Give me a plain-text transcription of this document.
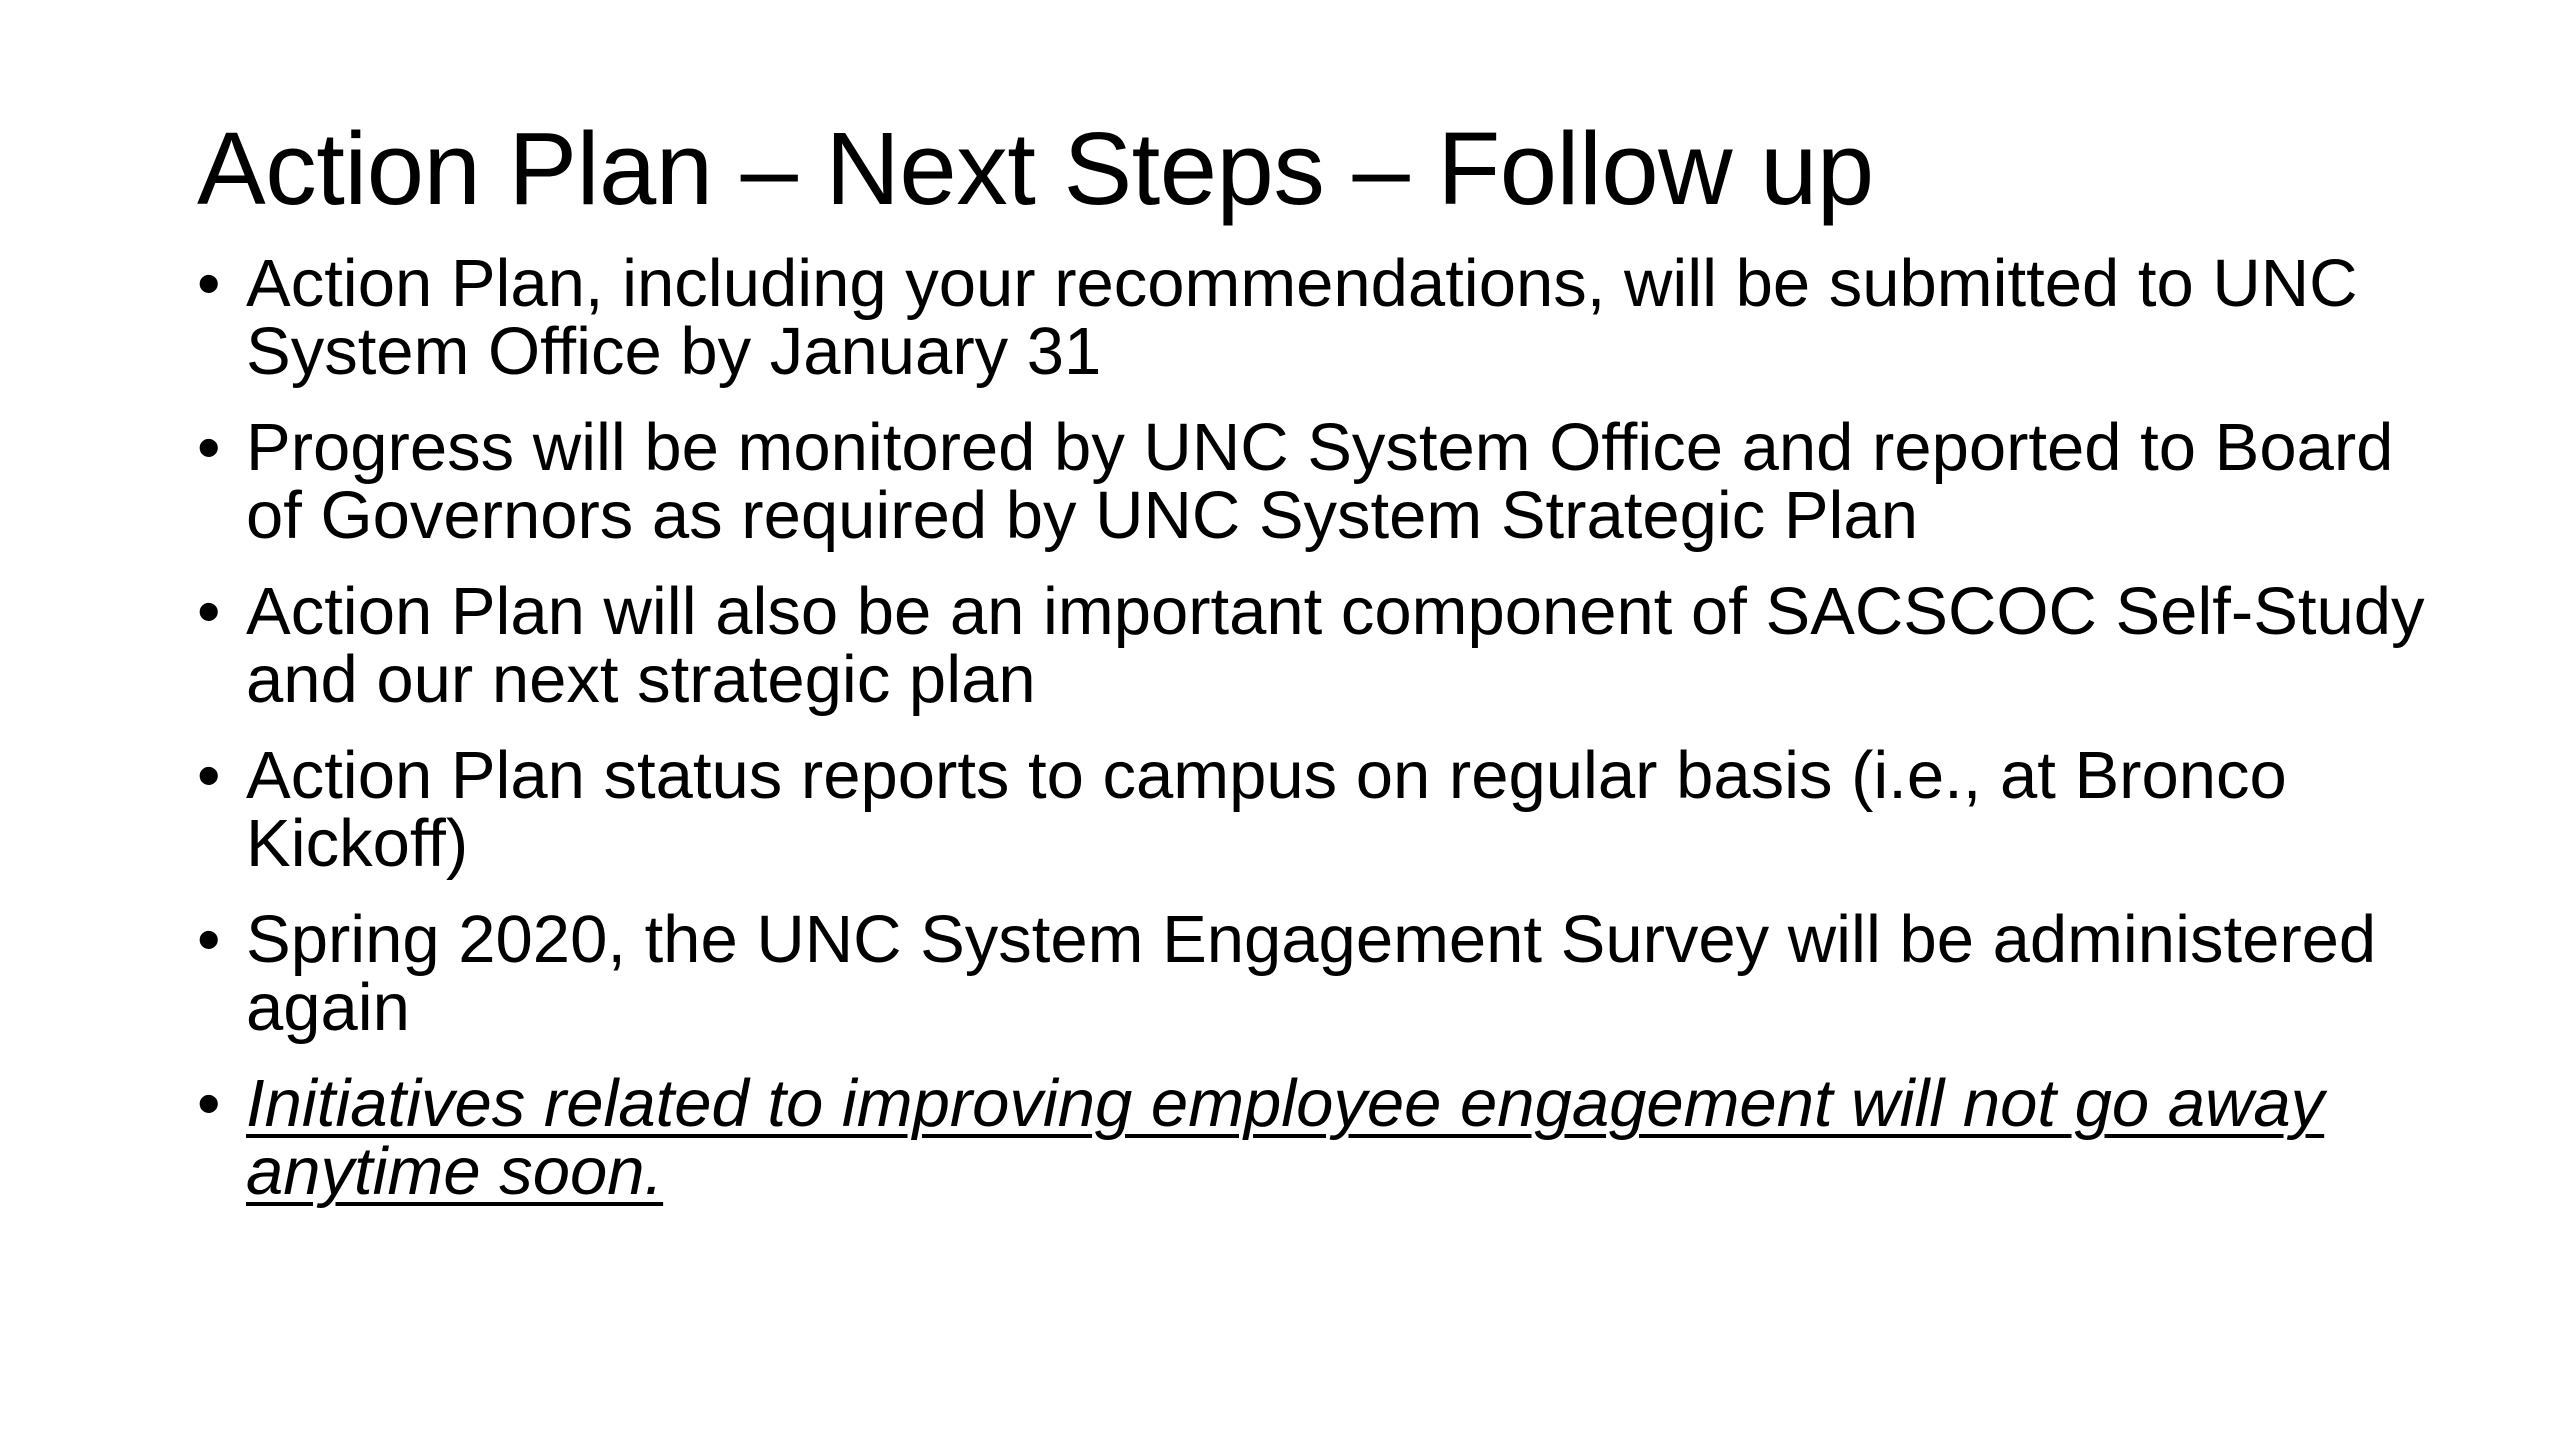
Action Plan – Next Steps – Follow up
• Action Plan, including your recommendations, will be submitted to UNC System Office by January 31
• Progress will be monitored by UNC System Office and reported to Board of Governors as required by UNC System Strategic Plan
• Action Plan will also be an important component of SACSCOC Self-Study and our next strategic plan
• Action Plan status reports to campus on regular basis (i.e., at Bronco Kickoff)
• Spring 2020, the UNC System Engagement Survey will be administered again
• Initiatives related to improving employee engagement will not go away anytime soon.
